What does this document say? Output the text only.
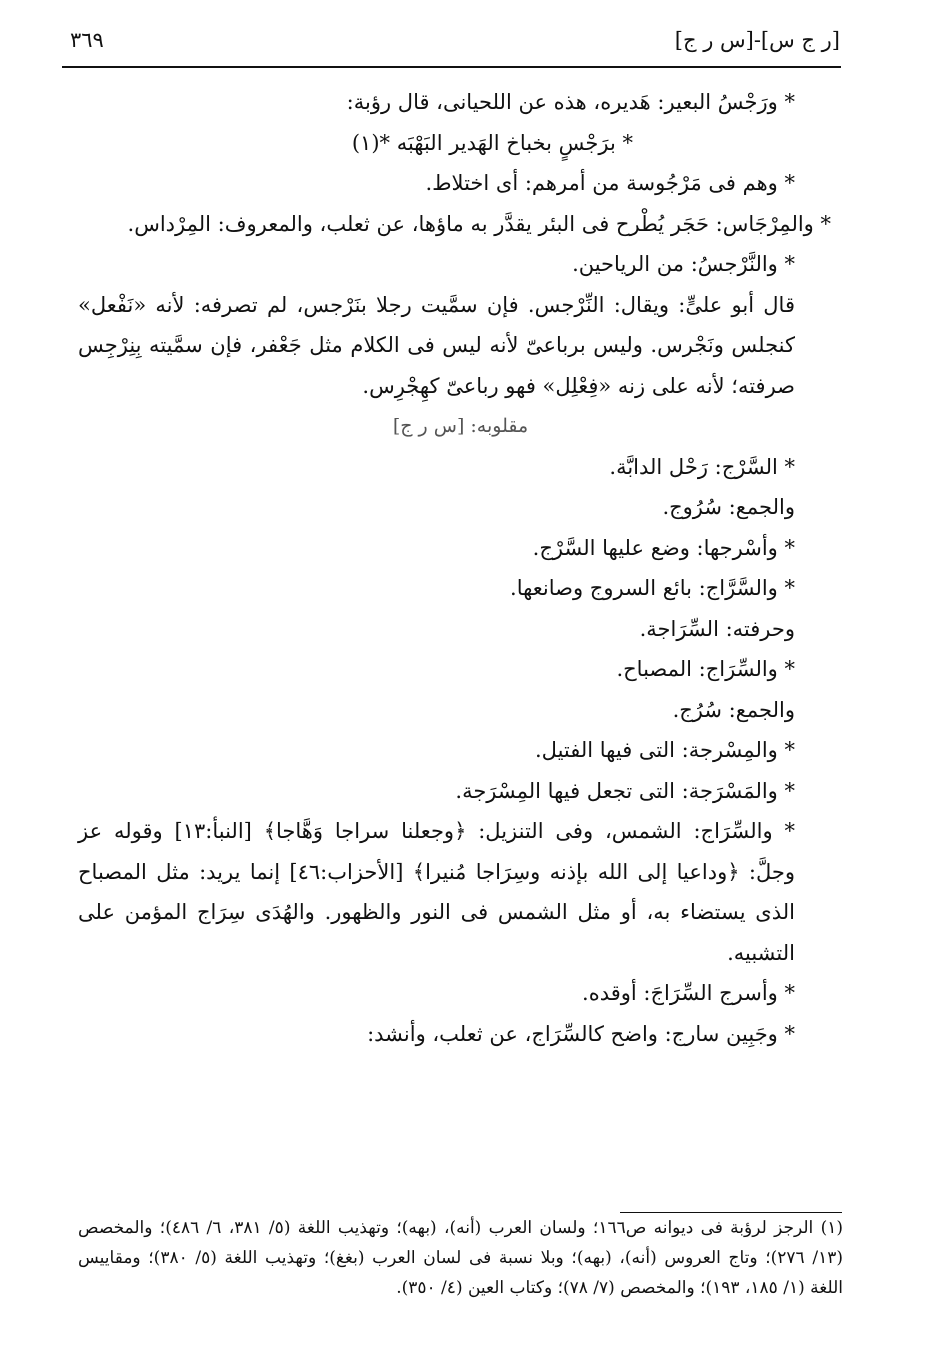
[ر ج س]-[س ر ج]
٣٦٩
* ورَجْسُ البعير: هَديره، هذه عن اللحيانى، قال رؤبة:
* برَجْسٍ بخباخ الهَدير البَهْبَه *(١)
* وهم فى مَرْجُوسة من أمرهم: أى اختلاط.
* والمِرْجَاس: حَجَر يُطْرح فى البئر يقدَّر به ماؤها، عن ثعلب، والمعروف: المِرْداس.
* والنَّرْجسُ: من الرياحين.
قال أبو علىٍّ: ويقال: النِّرْجس. فإن سمَّيت رجلا بنَرْجس، لم تصرفه: لأنه «نَفْعل» كنجلس ونَجْرس. وليس برباعىّ لأنه ليس فى الكلام مثل جَعْفر، فإن سمَّيته بِنِرْجِس صرفته؛ لأنه على زنه «فِعْلِل» فهو رباعىّ كهِجْرِس.
مقلوبه: [س ر ج]
* السَّرْج: رَحْل الدابَّة.
والجمع: سُرُوج.
* وأسْرجها: وضع عليها السَّرْج.
* والسَّرَّاج: بائع السروج وصانعها.
وحرفته: السِّرَاجة.
* والسِّرَاج: المصباح.
والجمع: سُرُج.
* والمِسْرجة: التى فيها الفتيل.
* والمَسْرَجة: التى تجعل فيها المِسْرَجة.
* والسِّرَاج: الشمس، وفى التنزيل: ﴿وجعلنا سراجا وَهَّاجا﴾ [النبأ:١٣] وقوله عز وجلَّ: ﴿وداعيا إلى الله بإذنه وسِرَاجا مُنيرا﴾ [الأحزاب:٤٦] إنما يريد: مثل المصباح الذى يستضاء به، أو مثل الشمس فى النور والظهور. والهُدَى سِرَاج المؤمن على التشبيه.
* وأسرج السِّرَاجَ: أوقده.
* وجَبِين سارج: واضح كالسِّرَاج، عن ثعلب، وأنشد:
(١) الرجز لرؤبة فى ديوانه ص١٦٦؛ ولسان العرب (أنه)، (بهه)؛ وتهذيب اللغة (٥/ ٣٨١، ٦/ ٤٨٦)؛ والمخصص (١٣/ ٢٧٦)؛ وتاج العروس (أنه)، (بهه)؛ وبلا نسبة فى لسان العرب (بغغ)؛ وتهذيب اللغة (٥/ ٣٨٠)؛ ومقاييس اللغة (١/ ١٨٥، ١٩٣)؛ والمخصص (٧/ ٧٨)؛ وكتاب العين (٤/ ٣٥٠).
